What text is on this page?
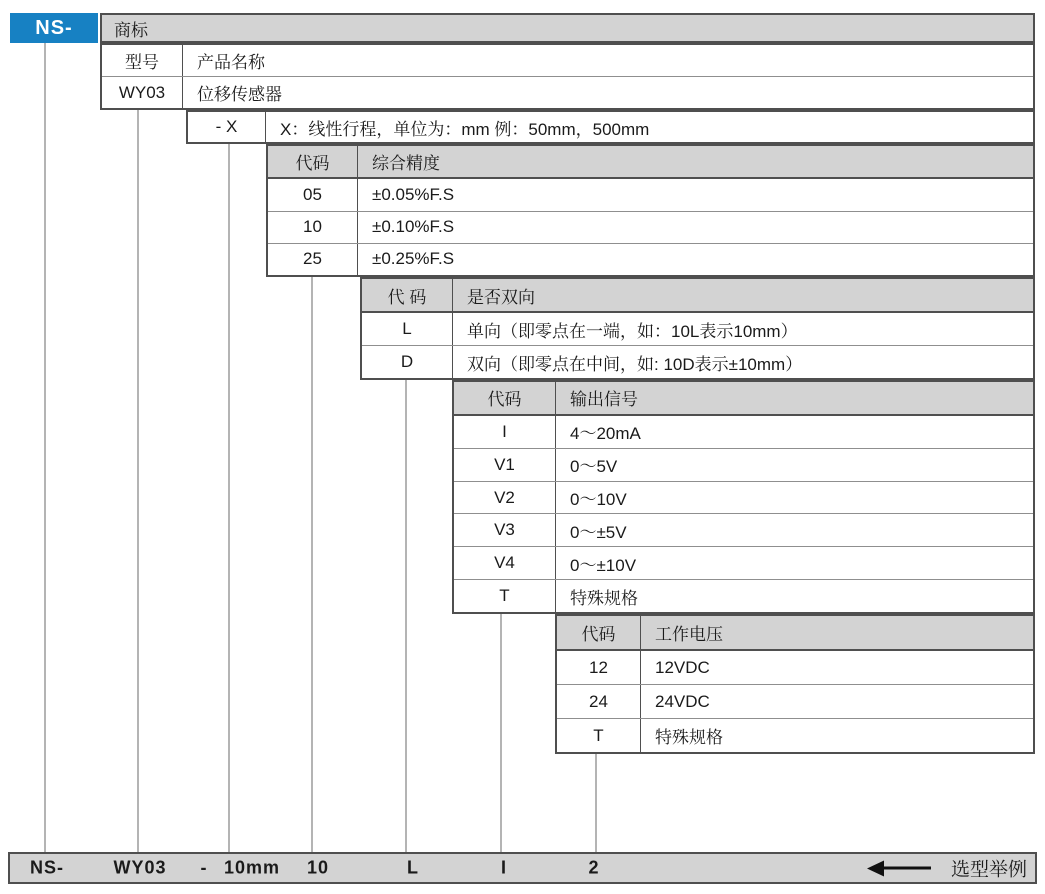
NS-	商标
型号	产品名称
WY03	位移传感器
- X	X：线性行程，单位为：mm 例：50mm，500mm
代码	综合精度
05	±0.05%F.S
10	±0.10%F.S
25	±0.25%F.S
代 码	是否双向
L	单向（即零点在一端，如：10L表示10mm）
D	双向（即零点在中间，如: 10D表示±10mm）
代码	输出信号
I	4～20mA
V1	0～5V
V2	0～10V
V3	0～±5V
V4	0～±10V
T	特殊规格
代码	工作电压
12	12VDC
24	24VDC
T	特殊规格
NS-	WY03 - 10mm 10	L	I	2	选型举例
